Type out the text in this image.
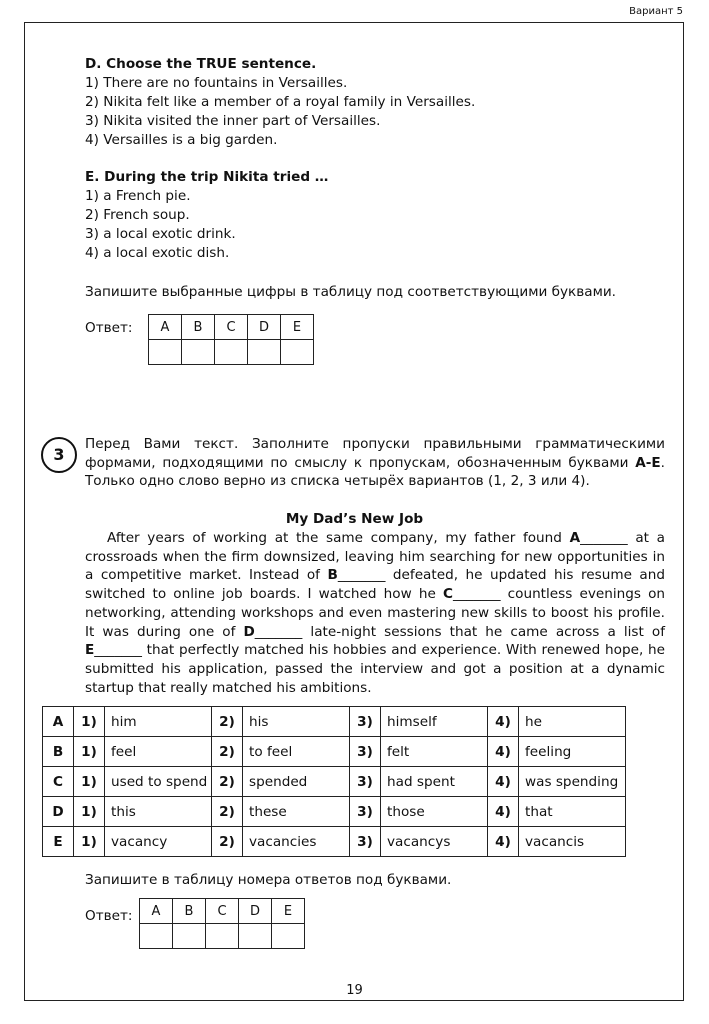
Вариант 5
D. Choose the TRUE sentence.
1) There are no fountains in Versailles.
2) Nikita felt like a member of a royal family in Versailles.
3) Nikita visited the inner part of Versailles.
4) Versailles is a big garden.
E. During the trip Nikita tried …
1) a French pie.
2) French soup.
3) a local exotic drink.
4) a local exotic dish.
Запишите выбранные цифры в таблицу под соответствующими буквами.
Ответ: A	B	C	D	E

3
Перед Вами текст. Заполните пропуски правильными грамматическими формами, подходящими по смыслу к пропускам, обозначенным буквами A-E. Только одно слово верно из списка четырёх вариантов (1, 2, 3 или 4).
My Dad’s New Job
After years of working at the same company, my father found A_______ at a crossroads when the firm downsized, leaving him searching for new opportunities in a competitive market. Instead of B_______ defeated, he updated his resume and switched to online job boards. I watched how he C_______ countless evenings on networking, attending workshops and even mastering new skills to boost his profile. It was during one of D_______ late-night sessions that he came across a list of E_______ that perfectly matched his hobbies and experience. With renewed hope, he submitted his application, passed the interview and got a position at a dynamic startup that really matched his ambitions.
A	1)	him	2)	his	3)	himself	4)	he
B	1)	feel	2)	to feel	3)	felt	4)	feeling
C	1)	used to spend	2)	spended	3)	had spent	4)	was spending
D	1)	this	2)	these	3)	those	4)	that
E	1)	vacancy	2)	vacancies	3)	vacancys	4)	vacancis
Запишите в таблицу номера ответов под буквами.
Ответ: A	B	C	D	E

19
